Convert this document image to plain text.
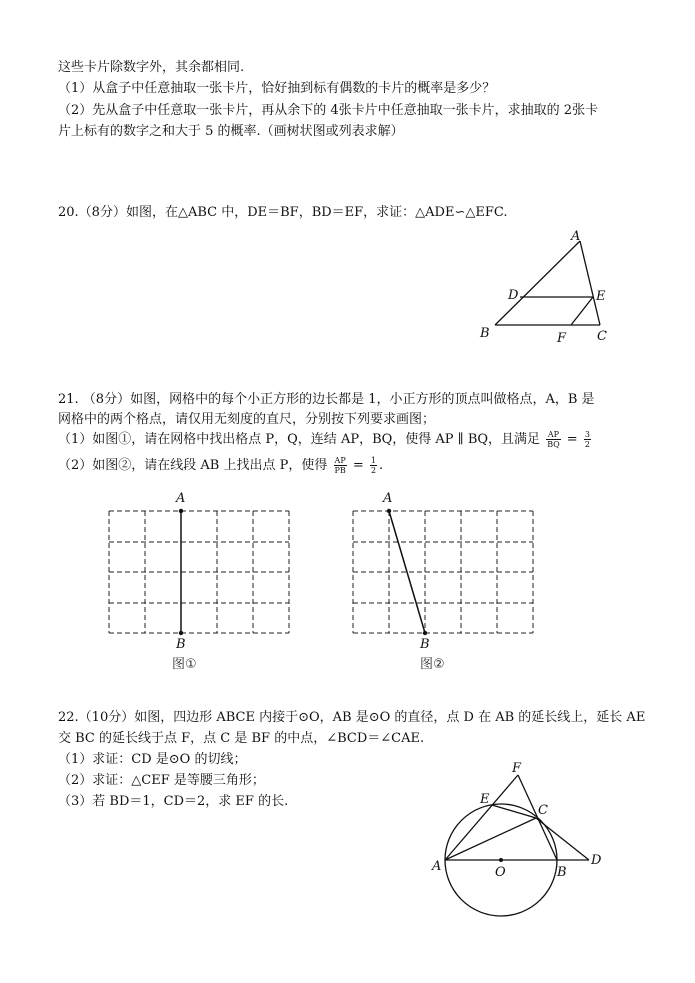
这些卡片除数字外，其余都相同.
（1）从盒子中任意抽取一张卡片，恰好抽到标有偶数的卡片的概率是多少？
（2）先从盒子中任意取一张卡片，再从余下的 4张卡片中任意抽取一张卡片，求抽取的 2张卡
片上标有的数字之和大于 5 的概率.（画树状图或列表求解）
20.（8分）如图，在△ABC 中，DE＝BF，BD＝EF，求证：△ADE∽△EFC.
A
D	E
B	F C
21. （8分）如图，网格中的每个小正方形的边长都是 1，小正方形的顶点叫做格点，A，B 是
网格中的两个格点，请仅用无刻度的直尺，分别按下列要求画图；
（1）如图①，请在网格中找出格点 P，Q，连结 AP，BQ，使得 AP ∥ BQ，且满足 $\frac{AP}{BQ} = \frac{3}{2}$
（2）如图②，请在线段 AB 上找出点 P，使得 $\frac{AP}{PB} = \frac{1}{2}$ .
A
B
A
B
图①	图②
22.（10分）如图，四边形 ABCE 内接于⊙O，AB 是⊙O 的直径，点 D 在 AB 的延长线上，延长 AE
交 BC 的延长线于点 F，点 C 是 BF 的中点，∠BCD＝∠CAE.
（1）求证：CD 是⊙O 的切线；
（2）求证：△CEF 是等腰三角形；
（3）若 BD＝1，CD＝2，求 EF 的长.
F
E
C
A	O	B
D
